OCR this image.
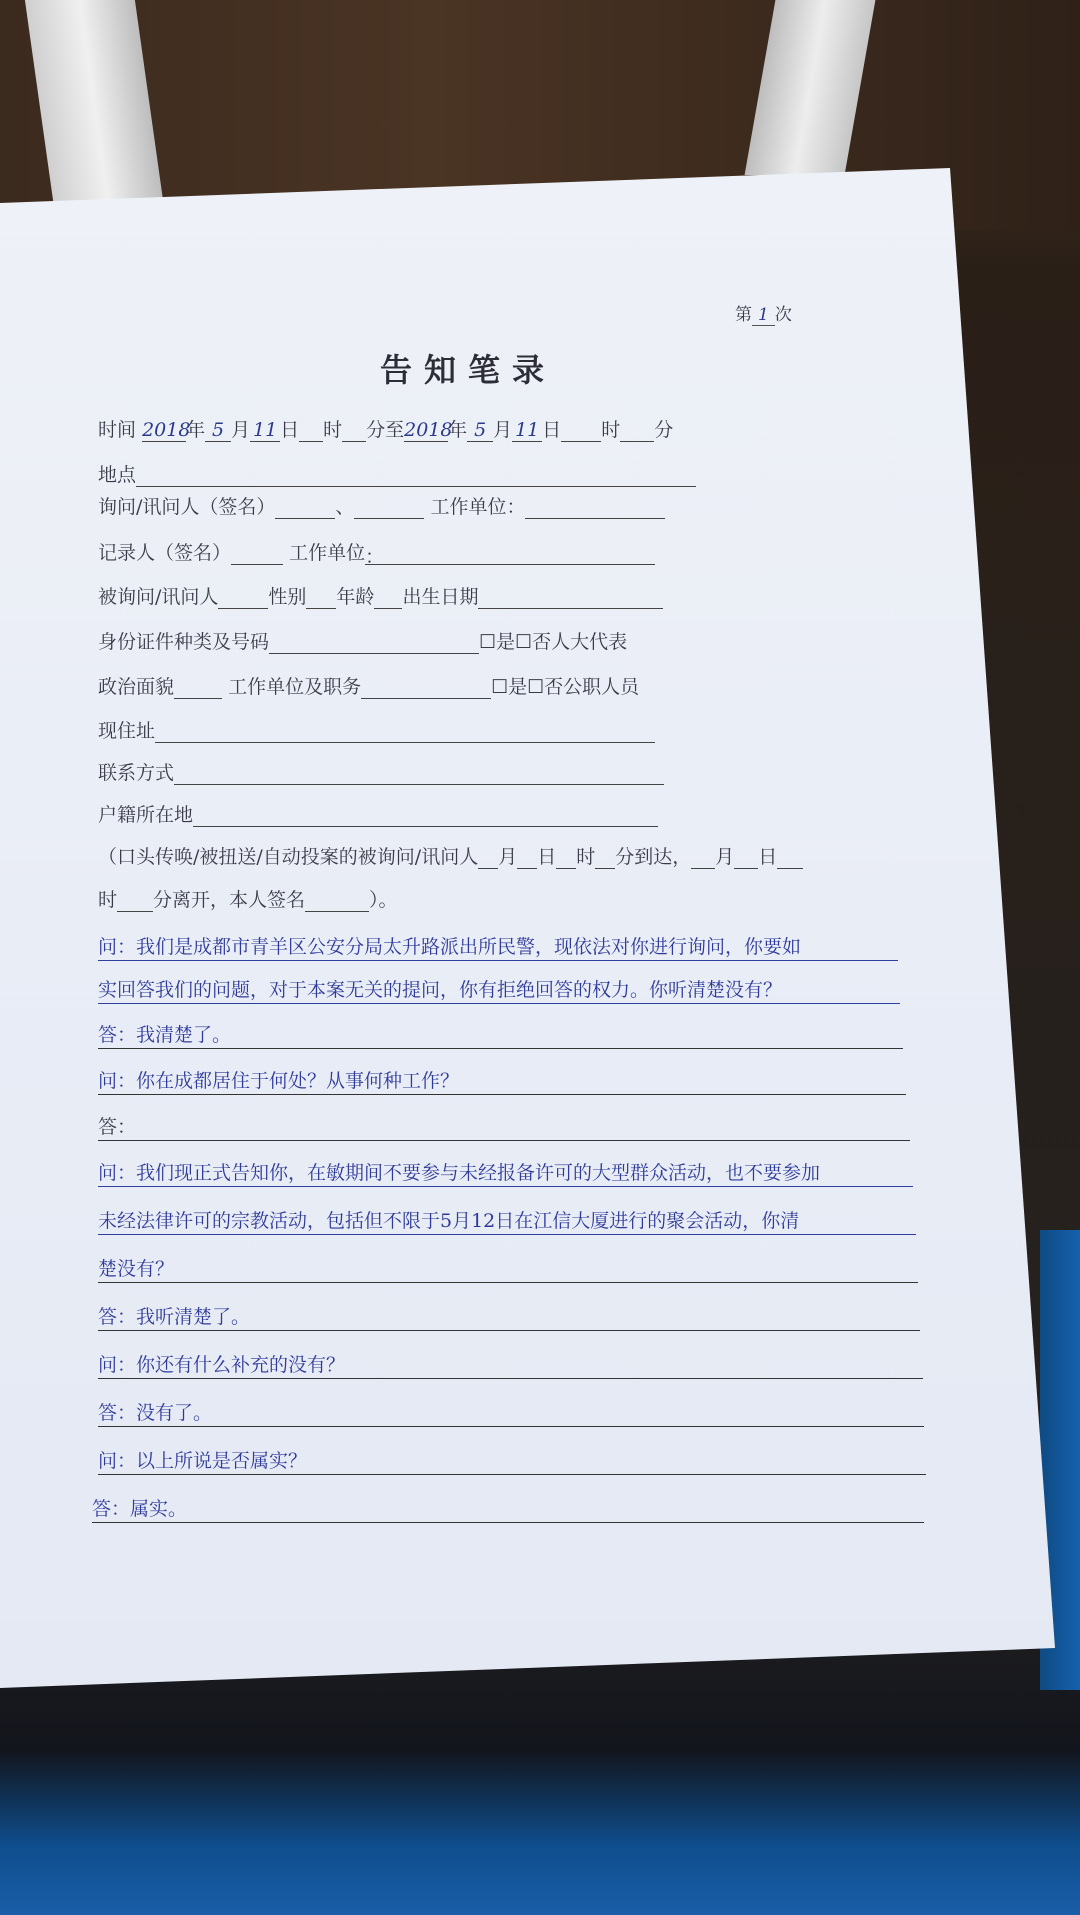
第 1 次
告知笔录
时间 2018年 5 月 11 日 时 分至2018年 5 月 11 日 时 分
地点
询问/讯问人（签名）	、	工作单位：
记录人（签名）	工作单位：
被询问/讯问人	性别 年龄 出生日期
身份证件种类及号码	☐是☐否人大代表
政治面貌	工作单位及职务	☐是☐否公职人员
现住址
联系方式
户籍所在地
（口头传唤/被扭送/自动投案的被询问/讯问人 月 日 时 分到达， 月 日
时 分离开，本人签名	）。
问：我们是成都市青羊区公安分局太升路派出所民警，现依法对你进行询问，你要如
实回答我们的问题，对于本案无关的提问，你有拒绝回答的权力。你听清楚没有？
答：我清楚了。
问：你在成都居住于何处？从事何种工作？
答：
问：我们现正式告知你，在敏期间不要参与未经报备许可的大型群众活动，也不要参加
未经法律许可的宗教活动，包括但不限于5月12日在江信大厦进行的聚会活动，你清
楚没有？
答：我听清楚了。
问：你还有什么补充的没有？
答：没有了。
问：以上所说是否属实？
答：属实。
